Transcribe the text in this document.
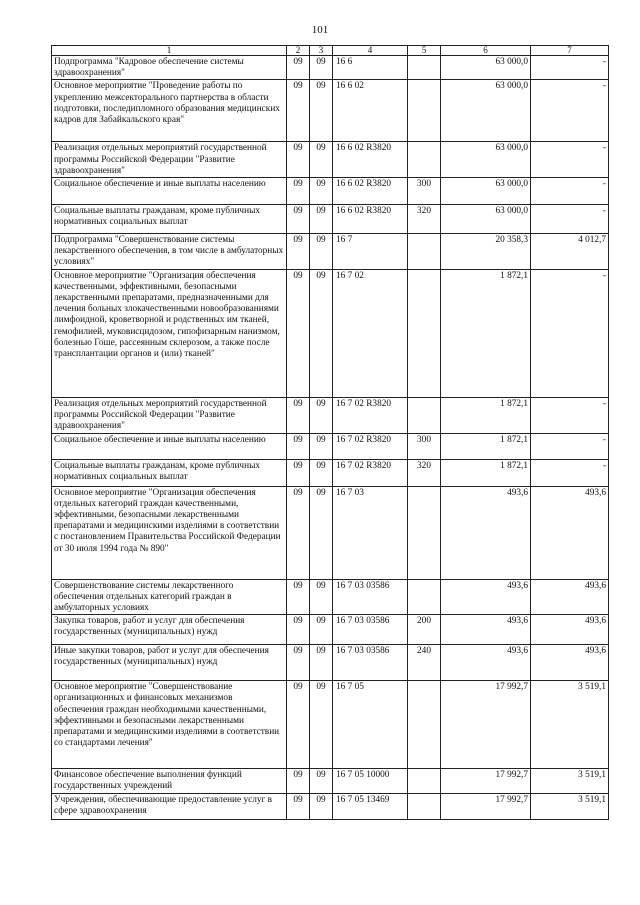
101
1	2	3	4	5	6	7
Подпрограмма "Кадровое обеспечение системы здравоохранения"	09	09	16 6		63 000,0	-
Основное мероприятие "Проведение работы по укреплению межсекторального партнерства в области подготовки, последипломного образования медицинских кадров для Забайкальского края"	09	09	16 6 02		63 000,0	-
Реализация отдельных мероприятий государственной программы Российской Федерации "Развитие здравоохранения"	09	09	16 6 02 R3820		63 000,0	-
Социальное обеспечение и иные выплаты населению	09	09	16 6 02 R3820	300	63 000,0	-
Социальные выплаты гражданам, кроме публичных нормативных социальных выплат	09	09	16 6 02 R3820	320	63 000,0	-
Подпрограмма "Совершенствование системы лекарственного обеспечения, в том числе в амбулаторных условиях"	09	09	16 7		20 358,3	4 012,7
Основное мероприятие "Организация обеспечения качественными, эффективными, безопасными лекарственными препаратами, предназначенными для лечения больных злокачественными новообразованиями лимфоидной, кроветворной и родственных им тканей, гемофилией, муковисцидозом, гипофизарным нанизмом, болезнью Гоше, рассеянным склерозом, а также после трансплантации органов и (или) тканей"	09	09	16 7 02		1 872,1	-
Реализация отдельных мероприятий государственной программы Российской Федерации "Развитие здравоохранения"	09	09	16 7 02 R3820		1 872,1	-
Социальное обеспечение и иные выплаты населению	09	09	16 7 02 R3820	300	1 872,1	-
Социальные выплаты гражданам, кроме публичных нормативных социальных выплат	09	09	16 7 02 R3820	320	1 872,1	-
Основное мероприятие "Организация обеспечения отдельных категорий граждан качественными, эффективными, безопасными лекарственными препаратами и медицинскими изделиями в соответствии с постановлением Правительства Российской Федерации от 30 июля 1994 года № 890"	09	09	16 7 03		493,6	493,6
Совершенствование системы лекарственного обеспечения отдельных категорий граждан в амбулаторных условиях	09	09	16 7 03 03586		493,6	493,6
Закупка товаров, работ и услуг для обеспечения государственных (муниципальных) нужд	09	09	16 7 03 03586	200	493,6	493,6
Иные закупки товаров, работ и услуг для обеспечения государственных (муниципальных) нужд	09	09	16 7 03 03586	240	493,6	493,6
Основное мероприятие "Совершенствование организационных и финансовых механизмов обеспечения граждан необходимыми качественными, эффективными и безопасными лекарственными препаратами и медицинскими изделиями в соответствии со стандартами лечения"	09	09	16 7 05		17 992,7	3 519,1
Финансовое обеспечение выполнения функций государственных учреждений	09	09	16 7 05 10000		17 992,7	3 519,1
Учреждения, обеспечивающие предоставление услуг в сфере здравоохранения	09	09	16 7 05 13469		17 992,7	3 519,1
